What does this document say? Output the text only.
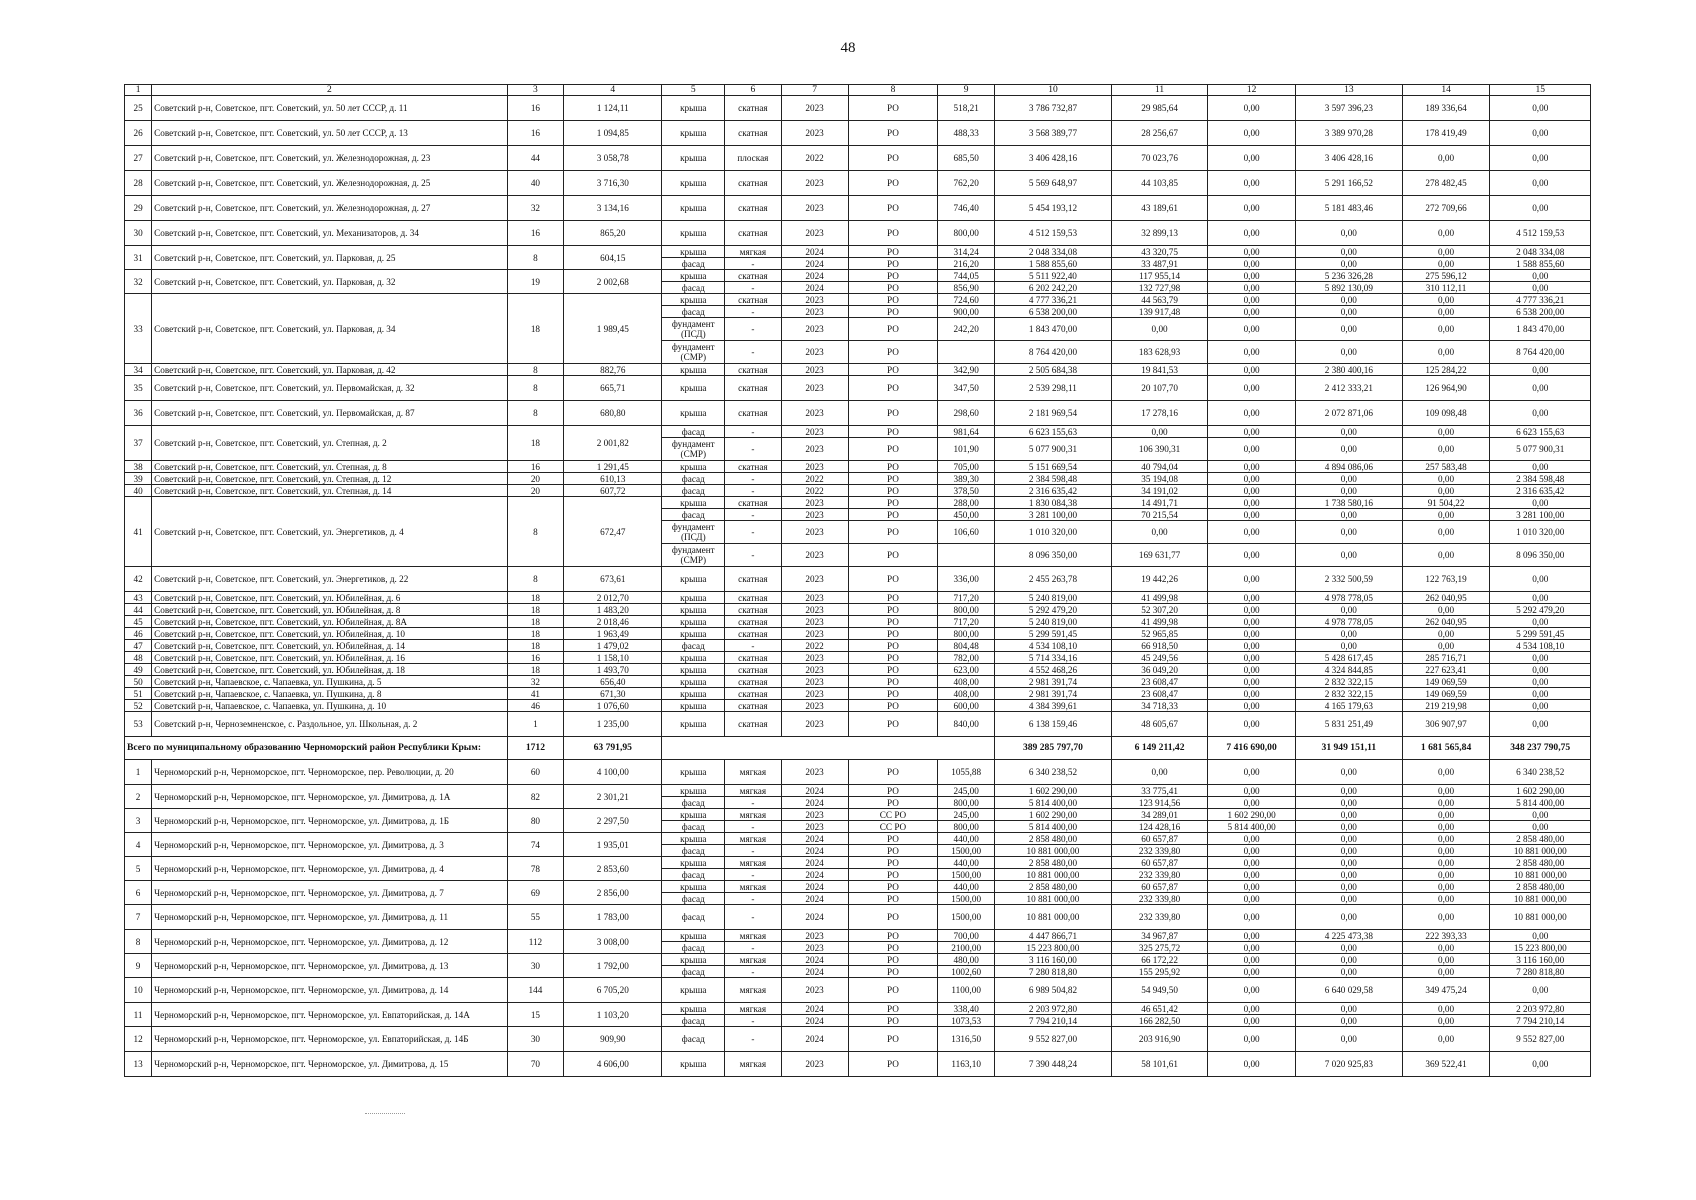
48
1	2	3	4	5	6	7	8	9	10	11	12	13	14	15
25	Советский р-н, Советское, пгт. Советский, ул. 50 лет СССР, д. 11	16	1 124,11	крыша	скатная	2023	РО	518,21	3 786 732,87	29 985,64	0,00	3 597 396,23	189 336,64	0,00
26	Советский р-н, Советское, пгт. Советский, ул. 50 лет СССР, д. 13	16	1 094,85	крыша	скатная	2023	РО	488,33	3 568 389,77	28 256,67	0,00	3 389 970,28	178 419,49	0,00
27	Советский р-н, Советское, пгт. Советский, ул. Железнодорожная, д. 23	44	3 058,78	крыша	плоская	2022	РО	685,50	3 406 428,16	70 023,76	0,00	3 406 428,16	0,00	0,00
28	Советский р-н, Советское, пгт. Советский, ул. Железнодорожная, д. 25	40	3 716,30	крыша	скатная	2023	РО	762,20	5 569 648,97	44 103,85	0,00	5 291 166,52	278 482,45	0,00
29	Советский р-н, Советское, пгт. Советский, ул. Железнодорожная, д. 27	32	3 134,16	крыша	скатная	2023	РО	746,40	5 454 193,12	43 189,61	0,00	5 181 483,46	272 709,66	0,00
30	Советский р-н, Советское, пгт. Советский, ул. Механизаторов, д. 34	16	865,20	крыша	скатная	2023	РО	800,00	4 512 159,53	32 899,13	0,00	0,00	0,00	4 512 159,53
31	Советский р-н, Советское, пгт. Советский, ул. Парковая, д. 25	8	604,15	крыша	мягкая	2024	РО	314,24	2 048 334,08	43 320,75	0,00	0,00	0,00	2 048 334,08
				фасад	-	2024	РО	216,20	1 588 855,60	33 487,91	0,00	0,00	0,00	1 588 855,60
32	Советский р-н, Советское, пгт. Советский, ул. Парковая, д. 32	19	2 002,68	крыша	скатная	2024	РО	744,05	5 511 922,40	117 955,14	0,00	5 236 326,28	275 596,12	0,00
				фасад	-	2024	РО	856,90	6 202 242,20	132 727,98	0,00	5 892 130,09	310 112,11	0,00
33	Советский р-н, Советское, пгт. Советский, ул. Парковая, д. 34	18	1 989,45	крыша	скатная	2023	РО	724,60	4 777 336,21	44 563,79	0,00	0,00	0,00	4 777 336,21
				фасад	-	2023	РО	900,00	6 538 200,00	139 917,48	0,00	0,00	0,00	6 538 200,00
				фундамент (ПСД)	-	2023	РО	242,20	1 843 470,00	0,00	0,00	0,00	0,00	1 843 470,00
				фундамент (СМР)	-	2023	РО		8 764 420,00	183 628,93	0,00	0,00	0,00	8 764 420,00
34	Советский р-н, Советское, пгт. Советский, ул. Парковая, д. 42	8	882,76	крыша	скатная	2023	РО	342,90	2 505 684,38	19 841,53	0,00	2 380 400,16	125 284,22	0,00
35	Советский р-н, Советское, пгт. Советский, ул. Первомайская, д. 32	8	665,71	крыша	скатная	2023	РО	347,50	2 539 298,11	20 107,70	0,00	2 412 333,21	126 964,90	0,00
36	Советский р-н, Советское, пгт. Советский, ул. Первомайская, д. 87	8	680,80	крыша	скатная	2023	РО	298,60	2 181 969,54	17 278,16	0,00	2 072 871,06	109 098,48	0,00
37	Советский р-н, Советское, пгт. Советский, ул. Степная, д. 2	18	2 001,82	фасад	-	2023	РО	981,64	6 623 155,63	0,00	0,00	0,00	0,00	6 623 155,63
				фундамент (СМР)	-	2023	РО	101,90	5 077 900,31	106 390,31	0,00	0,00	0,00	5 077 900,31
38	Советский р-н, Советское, пгт. Советский, ул. Степная, д. 8	16	1 291,45	крыша	скатная	2023	РО	705,00	5 151 669,54	40 794,04	0,00	4 894 086,06	257 583,48	0,00
39	Советский р-н, Советское, пгт. Советский, ул. Степная, д. 12	20	610,13	фасад	-	2022	РО	389,30	2 384 598,48	35 194,08	0,00	0,00	0,00	2 384 598,48
40	Советский р-н, Советское, пгт. Советский, ул. Степная, д. 14	20	607,72	фасад	-	2022	РО	378,50	2 316 635,42	34 191,02	0,00	0,00	0,00	2 316 635,42
41	Советский р-н, Советское, пгт. Советский, ул. Энергетиков, д. 4	8	672,47	крыша	скатная	2023	РО	288,00	1 830 084,38	14 491,71	0,00	1 738 580,16	91 504,22	0,00
				фасад	-	2023	РО	450,00	3 281 100,00	70 215,54	0,00	0,00	0,00	3 281 100,00
				фундамент (ПСД)	-	2023	РО	106,60	1 010 320,00	0,00	0,00	0,00	0,00	1 010 320,00
				фундамент (СМР)	-	2023	РО		8 096 350,00	169 631,77	0,00	0,00	0,00	8 096 350,00
42	Советский р-н, Советское, пгт. Советский, ул. Энергетиков, д. 22	8	673,61	крыша	скатная	2023	РО	336,00	2 455 263,78	19 442,26	0,00	2 332 500,59	122 763,19	0,00
43	Советский р-н, Советское, пгт. Советский, ул. Юбилейная, д. 6	18	2 012,70	крыша	скатная	2023	РО	717,20	5 240 819,00	41 499,98	0,00	4 978 778,05	262 040,95	0,00
44	Советский р-н, Советское, пгт. Советский, ул. Юбилейная, д. 8	18	1 483,20	крыша	скатная	2023	РО	800,00	5 292 479,20	52 307,20	0,00	0,00	0,00	5 292 479,20
45	Советский р-н, Советское, пгт. Советский, ул. Юбилейная, д. 8А	18	2 018,46	крыша	скатная	2023	РО	717,20	5 240 819,00	41 499,98	0,00	4 978 778,05	262 040,95	0,00
46	Советский р-н, Советское, пгт. Советский, ул. Юбилейная, д. 10	18	1 963,49	крыша	скатная	2023	РО	800,00	5 299 591,45	52 965,85	0,00	0,00	0,00	5 299 591,45
47	Советский р-н, Советское, пгт. Советский, ул. Юбилейная, д. 14	18	1 479,02	фасад	-	2022	РО	804,48	4 534 108,10	66 918,50	0,00	0,00	0,00	4 534 108,10
48	Советский р-н, Советское, пгт. Советский, ул. Юбилейная, д. 16	16	1 158,10	крыша	скатная	2023	РО	782,00	5 714 334,16	45 249,56	0,00	5 428 617,45	285 716,71	0,00
49	Советский р-н, Советское, пгт. Советский, ул. Юбилейная, д. 18	18	1 493,70	крыша	скатная	2023	РО	623,00	4 552 468,26	36 049,20	0,00	4 324 844,85	227 623,41	0,00
50	Советский р-н, Чапаевское, с. Чапаевка, ул. Пушкина, д. 5	32	656,40	крыша	скатная	2023	РО	408,00	2 981 391,74	23 608,47	0,00	2 832 322,15	149 069,59	0,00
51	Советский р-н, Чапаевское, с. Чапаевка, ул. Пушкина, д. 8	41	671,30	крыша	скатная	2023	РО	408,00	2 981 391,74	23 608,47	0,00	2 832 322,15	149 069,59	0,00
52	Советский р-н, Чапаевское, с. Чапаевка, ул. Пушкина, д. 10	46	1 076,60	крыша	скатная	2023	РО	600,00	4 384 399,61	34 718,33	0,00	4 165 179,63	219 219,98	0,00
53	Советский р-н, Черноземненское, с. Раздольное, ул. Школьная, д. 2	1	1 235,00	крыша	скатная	2023	РО	840,00	6 138 159,46	48 605,67	0,00	5 831 251,49	306 907,97	0,00
Всего по муниципальному образованию Черноморский район Республики Крым:		1712	63 791,95						389 285 797,70	6 149 211,42	7 416 690,00	31 949 151,11	1 681 565,84	348 237 790,75
1	Черноморский р-н, Черноморское, пгт. Черноморское, пер. Революции, д. 20	60	4 100,00	крыша	мягкая	2023	РО	1055,88	6 340 238,52	0,00	0,00	0,00	0,00	6 340 238,52
2	Черноморский р-н, Черноморское, пгт. Черноморское, ул. Димитрова, д. 1А	82	2 301,21	крыша	мягкая	2024	РО	245,00	1 602 290,00	33 775,41	0,00	0,00	0,00	1 602 290,00
				фасад	-	2024	РО	800,00	5 814 400,00	123 914,56	0,00	0,00	0,00	5 814 400,00
3	Черноморский р-н, Черноморское, пгт. Черноморское, ул. Димитрова, д. 1Б	80	2 297,50	крыша	мягкая	2023	СС РО	245,00	1 602 290,00	34 289,01	1 602 290,00	0,00	0,00	0,00
				фасад	-	2023	СС РО	800,00	5 814 400,00	124 428,16	5 814 400,00	0,00	0,00	0,00
4	Черноморский р-н, Черноморское, пгт. Черноморское, ул. Димитрова, д. 3	74	1 935,01	крыша	мягкая	2024	РО	440,00	2 858 480,00	60 657,87	0,00	0,00	0,00	2 858 480,00
				фасад	-	2024	РО	1500,00	10 881 000,00	232 339,80	0,00	0,00	0,00	10 881 000,00
5	Черноморский р-н, Черноморское, пгт. Черноморское, ул. Димитрова, д. 4	78	2 853,60	крыша	мягкая	2024	РО	440,00	2 858 480,00	60 657,87	0,00	0,00	0,00	2 858 480,00
				фасад	-	2024	РО	1500,00	10 881 000,00	232 339,80	0,00	0,00	0,00	10 881 000,00
6	Черноморский р-н, Черноморское, пгт. Черноморское, ул. Димитрова, д. 7	69	2 856,00	крыша	мягкая	2024	РО	440,00	2 858 480,00	60 657,87	0,00	0,00	0,00	2 858 480,00
				фасад	-	2024	РО	1500,00	10 881 000,00	232 339,80	0,00	0,00	0,00	10 881 000,00
7	Черноморский р-н, Черноморское, пгт. Черноморское, ул. Димитрова, д. 11	55	1 783,00	фасад	-	2024	РО	1500,00	10 881 000,00	232 339,80	0,00	0,00	0,00	10 881 000,00
8	Черноморский р-н, Черноморское, пгт. Черноморское, ул. Димитрова, д. 12	112	3 008,00	крыша	мягкая	2023	РО	700,00	4 447 866,71	34 967,87	0,00	4 225 473,38	222 393,33	0,00
				фасад	-	2023	РО	2100,00	15 223 800,00	325 275,72	0,00	0,00	0,00	15 223 800,00
9	Черноморский р-н, Черноморское, пгт. Черноморское, ул. Димитрова, д. 13	30	1 792,00	крыша	мягкая	2024	РО	480,00	3 116 160,00	66 172,22	0,00	0,00	0,00	3 116 160,00
				фасад	-	2024	РО	1002,60	7 280 818,80	155 295,92	0,00	0,00	0,00	7 280 818,80
10	Черноморский р-н, Черноморское, пгт. Черноморское, ул. Димитрова, д. 14	144	6 705,20	крыша	мягкая	2023	РО	1100,00	6 989 504,82	54 949,50	0,00	6 640 029,58	349 475,24	0,00
11	Черноморский р-н, Черноморское, пгт. Черноморское, ул. Евпаторийская, д. 14А	15	1 103,20	крыша	мягкая	2024	РО	338,40	2 203 972,80	46 651,42	0,00	0,00	0,00	2 203 972,80
				фасад	-	2024	РО	1073,53	7 794 210,14	166 282,50	0,00	0,00	0,00	7 794 210,14
12	Черноморский р-н, Черноморское, пгт. Черноморское, ул. Евпаторийская, д. 14Б	30	909,90	фасад	-	2024	РО	1316,50	9 552 827,00	203 916,90	0,00	0,00	0,00	9 552 827,00
13	Черноморский р-н, Черноморское, пгт. Черноморское, ул. Димитрова, д. 15	70	4 606,00	крыша	мягкая	2023	РО	1163,10	7 390 448,24	58 101,61	0,00	7 020 925,83	369 522,41	0,00
